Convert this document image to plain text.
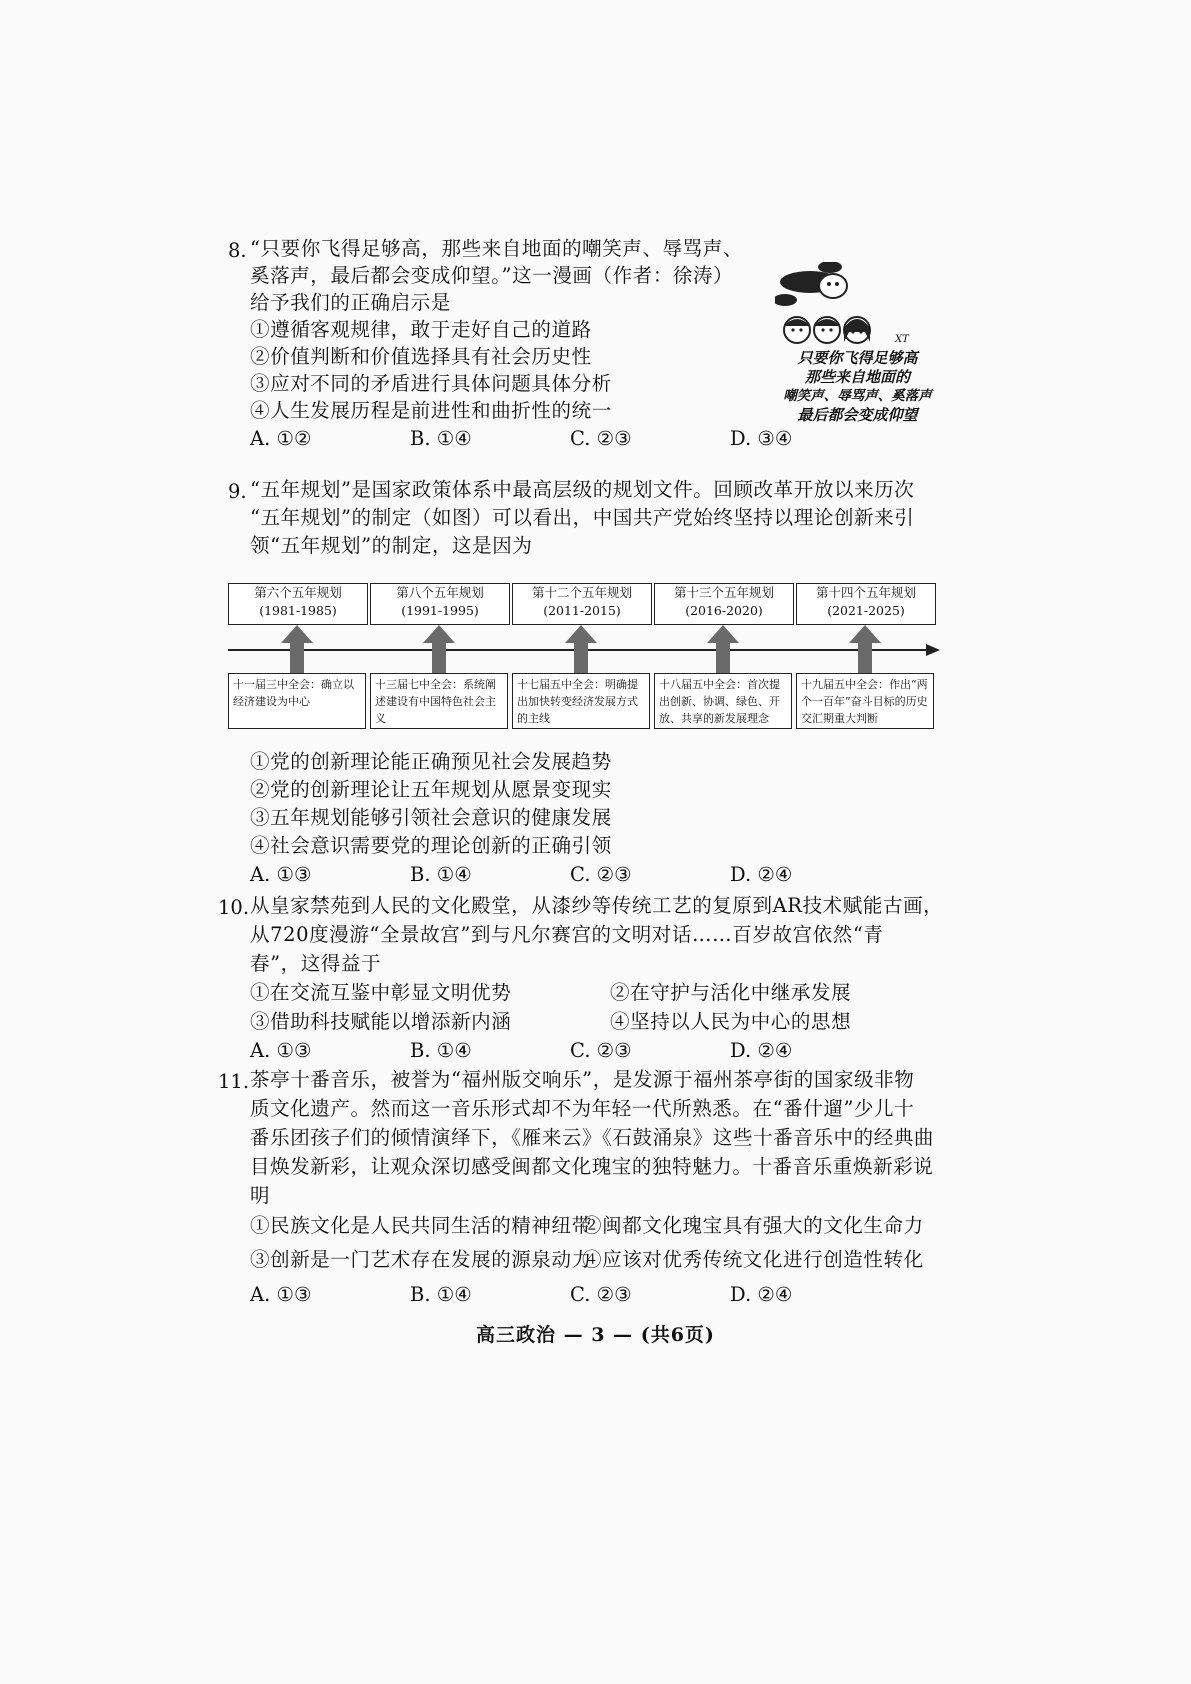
8. “只要你飞得足够高，那些来自地面的嘲笑声、辱骂声、
奚落声，最后都会变成仰望。”这一漫画（作者：徐涛）
给予我们的正确启示是
①遵循客观规律，敢于走好自己的道路
②价值判断和价值选择具有社会历史性
③应对不同的矛盾进行具体问题具体分析
④人生发展历程是前进性和曲折性的统一
A. ①②	B. ①④	C. ②③	D. ③④
XT
只要你飞得足够高
那些来自地面的
嘲笑声、辱骂声、奚落声
最后都会变成仰望
9. “五年规划”是国家政策体系中最高层级的规划文件。回顾改革开放以来历次
“五年规划”的制定（如图）可以看出，中国共产党始终坚持以理论创新来引
领“五年规划”的制定，这是因为
第六个五年规划
(1981-1985)
十一届三中全会：确立以经济建设为中心
第八个五年规划
(1991-1995)
十三届七中全会：系统阐述建设有中国特色社会主义
第十二个五年规划
(2011-2015)
十七届五中全会：明确提出加快转变经济发展方式的主线
第十三个五年规划
(2016-2020)
十八届五中全会：首次提出创新、协调、绿色、开放、共享的新发展理念
第十四个五年规划
(2021-2025)
十九届五中全会：作出“两个一百年”奋斗目标的历史交汇期重大判断
①党的创新理论能正确预见社会发展趋势
②党的创新理论让五年规划从愿景变现实
③五年规划能够引领社会意识的健康发展
④社会意识需要党的理论创新的正确引领
A. ①③	B. ①④	C. ②③	D. ②④
10. 从皇家禁苑到人民的文化殿堂，从漆纱等传统工艺的复原到AR技术赋能古画，
从720度漫游“全景故宫”到与凡尔赛宫的文明对话……百岁故宫依然“青
春”，这得益于
①在交流互鉴中彰显文明优势	②在守护与活化中继承发展
③借助科技赋能以增添新内涵	④坚持以人民为中心的思想
A. ①③	B. ①④	C. ②③	D. ②④
11. 茶亭十番音乐，被誉为“福州版交响乐”，是发源于福州茶亭街的国家级非物
质文化遗产。然而这一音乐形式却不为年轻一代所熟悉。在“番什遛”少儿十
番乐团孩子们的倾情演绎下，《雁来云》《石鼓涌泉》这些十番音乐中的经典曲
目焕发新彩，让观众深切感受闽都文化瑰宝的独特魅力。十番音乐重焕新彩说
明
①民族文化是人民共同生活的精神纽带
②闽都文化瑰宝具有强大的文化生命力
③创新是一门艺术存在发展的源泉动力
④应该对优秀传统文化进行创造性转化
A. ①③	B. ①④	C. ②③	D. ②④
高三政治 — 3 — (共6页)
